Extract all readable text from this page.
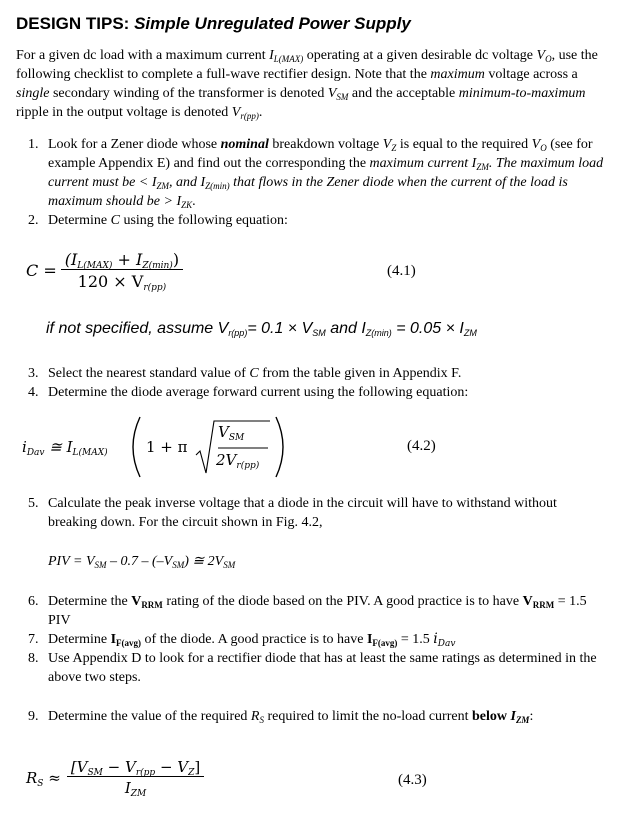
DESIGN TIPS: Simple Unregulated Power Supply
For a given dc load with a maximum current $I_{L(MAX)}$ operating at a given desirable dc voltage $V_O$, use the following checklist to complete a full-wave rectifier design. Note that the maximum voltage across a single secondary winding of the transformer is denoted $V_{SM}$ and the acceptable minimum-to-maximum ripple in the output voltage is denoted $V_{r(pp)}$.
1. Look for a Zener diode whose nominal breakdown voltage $V_Z$ is equal to the required $V_O$ (see for example Appendix E) and find out the corresponding the maximum current $I_{ZM}$. The maximum load current must be < $I_{ZM}$, and $I_{Z(min)}$ that flows in the Zener diode when the current of the load is maximum should be > $I_{ZK}$.
2. Determine C using the following equation:
$C = \frac{(I_{L(MAX)} + I_{Z(min)})}{120 \times V_{r(pp)}}$	(4.1)
if not specified, assume $V_{r(pp)}= 0.1 \times V_{SM}$ and $I_{Z(min)} = 0.05 \times I_{ZM}$
3. Select the nearest standard value of C from the table given in Appendix F.
4. Determine the diode average forward current using the following equation:
$i_{Dav}$ ≅ $I_{L(MAX)}$	1 + π
$V_{SM}$
$2V_{r(pp)}$
(4.2)
5. Calculate the peak inverse voltage that a diode in the circuit will have to withstand without breaking down. For the circuit shown in Fig. 4.2,
PIV = $V_{SM} - 0.7 - (-V_{SM})$ ≅ $2V_{SM}$
6. Determine the $V_{RRM}$ rating of the diode based on the PIV. A good practice is to have $V_{RRM} = 1.5$ PIV
7. Determine $I_{F(avg)}$ of the diode. A good practice is to have $I_{F(avg)} = 1.5$ $i_{Dav}$
8. Use Appendix D to look for a rectifier diode that has at least the same ratings as determined in the above two steps.
9. Determine the value of the required $R_S$ required to limit the no-load current below $I_{ZM}$:
$R_S \approx \frac{[V_{SM} - V_{r(pp} - V_Z]}{I_{ZM}}$	(4.3)
